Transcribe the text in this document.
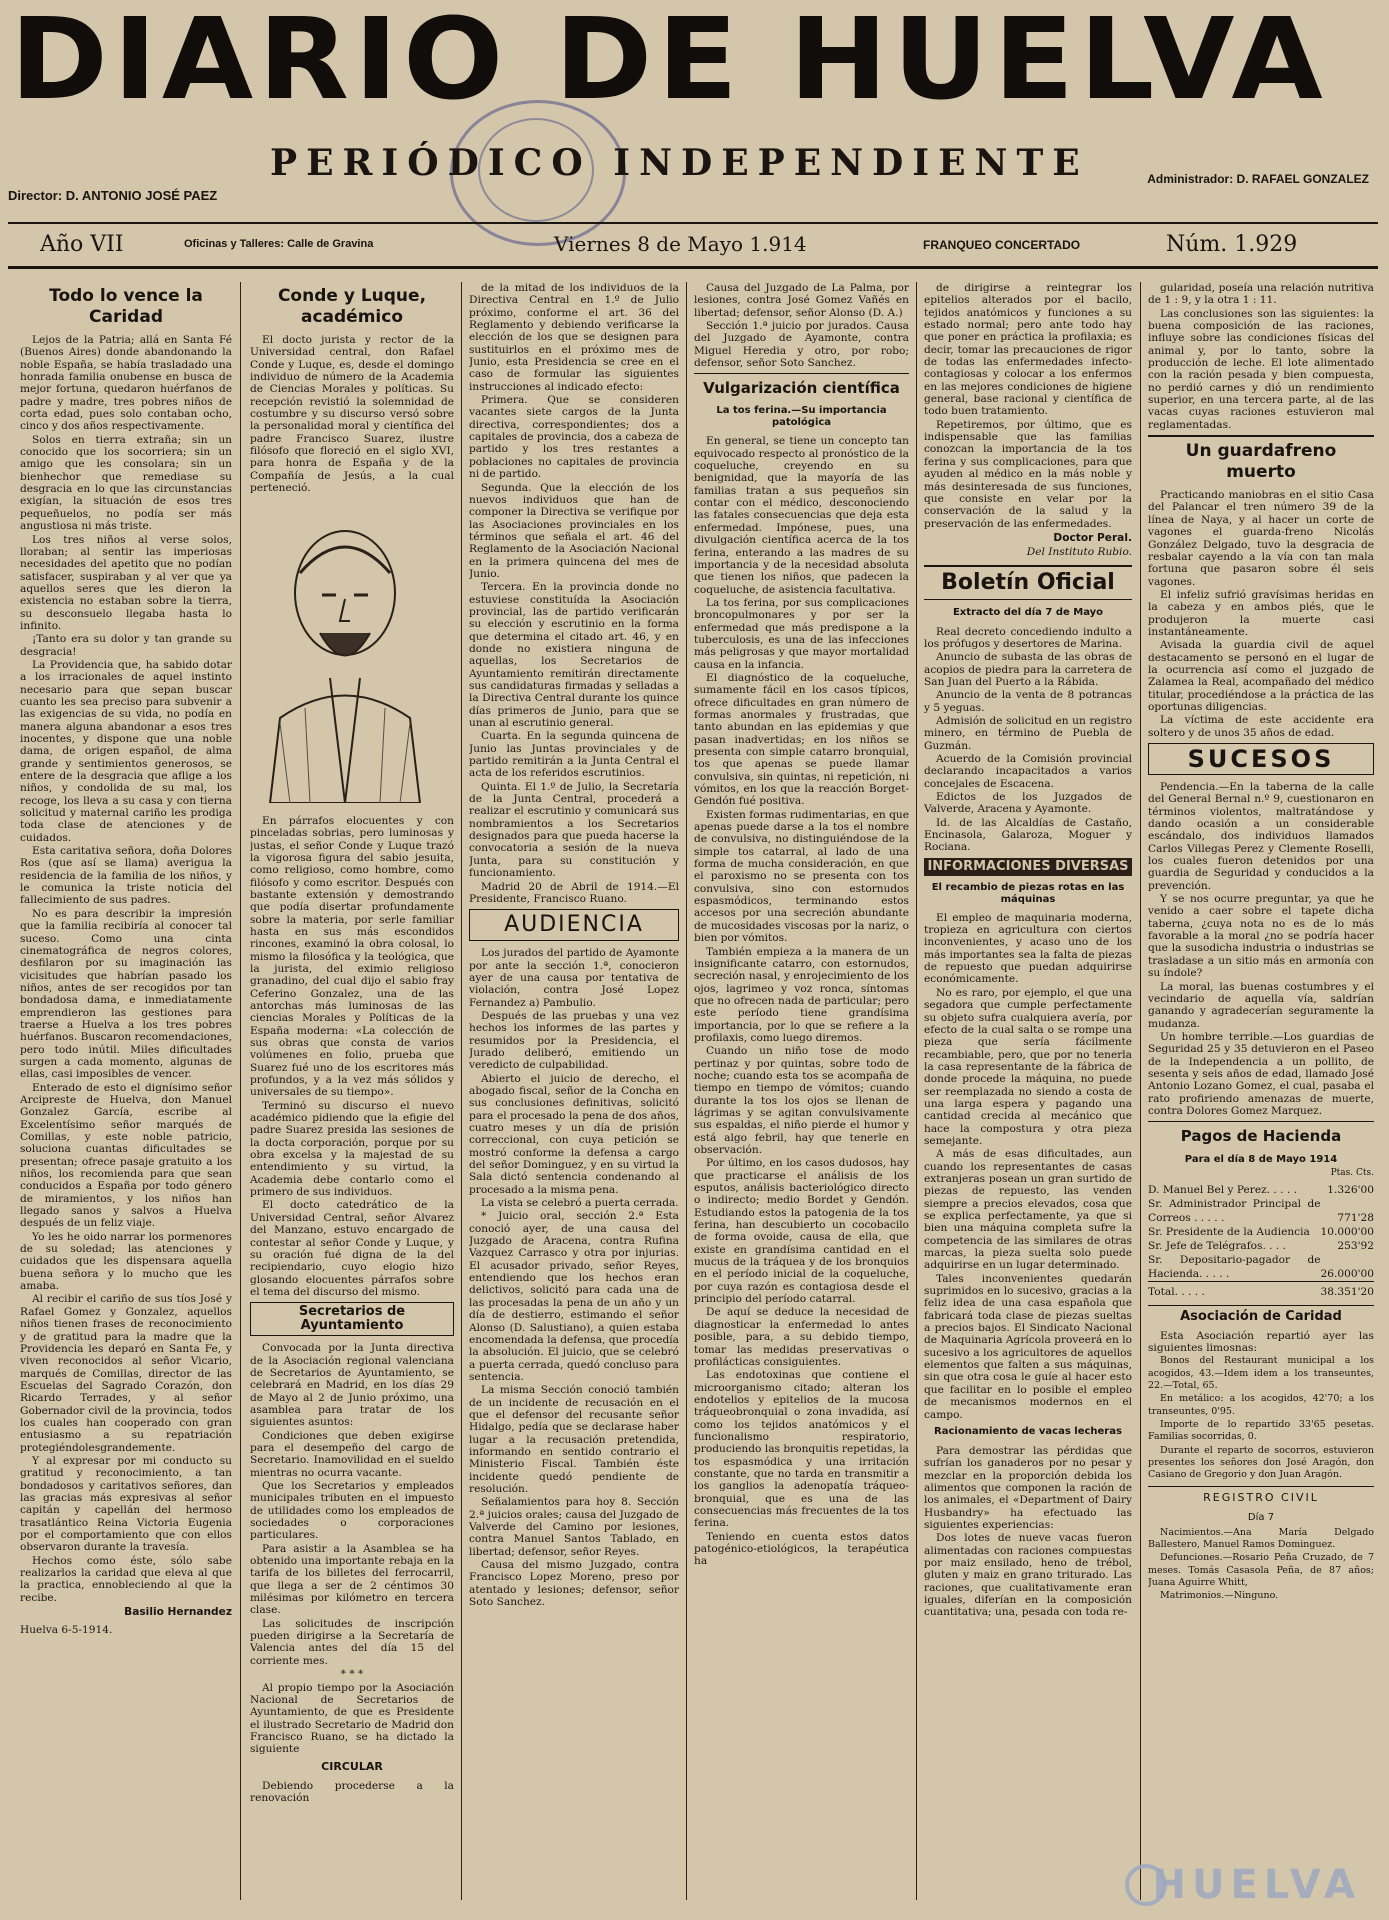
DIARIO DE HUELVA
PERIÓDICO INDEPENDIENTE	Administrador: D. RAFAEL GONZALEZ
Director: D. ANTONIO JOSÉ PAEZ
Año VII	Oficinas y Talleres: Calle de Gravina	Viernes 8 de Mayo 1.914	FRANQUEO CONCERTADO	Núm. 1.929
Todo lo vence la Caridad

Lejos de la Patria; allá en Santa Fé (Buenos Aires) donde abandonando la noble España, se había trasladado una honrada familia onubense en busca de mejor fortuna, quedaron huérfanos de padre y madre, tres pobres niños de corta edad, pues solo contaban ocho, cinco y dos años respectivamente.

Solos en tierra extraña; sin un conocido que los socorriera; sin un amigo que les consolara; sin un bienhechor que remediase su desgracia en lo que las circunstancias exigían, la situación de esos tres pequeñuelos, no podía ser más angustiosa ni más triste.

Los tres niños al verse solos, lloraban; al sentir las imperiosas necesidades del apetito que no podían satisfacer, suspiraban y al ver que ya aquellos seres que les dieron la existencia no estaban sobre la tierra, su desconsuelo llegaba hasta lo infinito.

¡Tanto era su dolor y tan grande su desgracia!

La Providencia que, ha sabido dotar a los irracionales de aquel instinto necesario para que sepan buscar cuanto les sea preciso para subvenir a las exigencias de su vida, no podía en manera alguna abandonar a esos tres inocentes, y dispone que una noble dama, de origen español, de alma grande y sentimientos generosos, se entere de la desgracia que aflige a los niños, y condolida de su mal, los recoge, los lleva a su casa y con tierna solicitud y maternal cariño les prodiga toda clase de atenciones y de cuidados.

Esta caritativa señora, doña Dolores Ros (que así se llama) averigua la residencia de la familia de los niños, y le comunica la triste noticia del fallecimiento de sus padres.

No es para describir la impresión que la familia recibiría al conocer tal suceso. Como una cinta cinematográfica de negros colores, desfilaron por su imaginación las vicisitudes que habrían pasado los niños, antes de ser recogidos por tan bondadosa dama, e inmediatamente emprendieron las gestiones para traerse a Huelva a los tres pobres huérfanos. Buscaron recomendaciones, pero todo inútil. Miles dificultades surgen a cada momento, algunas de ellas, casi imposibles de vencer.

Enterado de esto el dignísimo señor Arcipreste de Huelva, don Manuel Gonzalez García, escribe al Excelentísimo señor marqués de Comillas, y este noble patricio, soluciona cuantas dificultades se presentan; ofrece pasaje gratuito a los niños, los recomienda para que sean conducidos a España por todo género de miramientos, y los niños han llegado sanos y salvos a Huelva después de un feliz viaje.

Yo les he oido narrar los pormenores de su soledad; las atenciones y cuidados que les dispensara aquella buena señora y lo mucho que les amaba.

Al recibir el cariño de sus tíos José y Rafael Gomez y Gonzalez, aquellos niños tienen frases de reconocimiento y de gratitud para la madre que la Providencia les deparó en Santa Fe, y viven reconocidos al señor Vicario, marqués de Comillas, director de las Escuelas del Sagrado Corazón, don Ricardo Terrades, y al señor Gobernador civil de la provincia, todos los cuales han cooperado con gran entusiasmo a su repatriación protegiéndolesgrandemente.

Y al expresar por mi conducto su gratitud y reconocimiento, a tan bondadosos y caritativos señores, dan las gracias más expresivas al señor capitán y capellán del hermoso trasatlántico Reina Victoria Eugenia por el comportamiento que con ellos observaron durante la travesía.

Hechos como éste, sólo sabe realizarlos la caridad que eleva al que la practica, ennobleciendo al que la recibe.

Basilio Hernandez
Huelva 6-5-1914.
Conde y Luque, académico

El docto jurista y rector de la Universidad central, don Rafael Conde y Luque, es, desde el domingo individuo de número de la Academia de Ciencias Morales y políticas. Su recepción revistió la solemnidad de costumbre y su discurso versó sobre la personalidad moral y científica del padre Francisco Suarez, ilustre filósofo que floreció en el siglo XVI, para honra de España y de la Compañía de Jesús, a la cual perteneció.

En párrafos elocuentes y con pinceladas sobrias, pero luminosas y justas, el señor Conde y Luque trazó la vigorosa figura del sabio jesuita, como religioso, como hombre, como filósofo y como escritor. Después con bastante extensión y demostrando que podía disertar profundamente sobre la materia, por serle familiar hasta en sus más escondidos rincones, examinó la obra colosal, lo mismo la filosófica y la teológica, que la jurista, del eximio religioso granadino, del cual dijo el sabio fray Ceferino Gonzalez, una de las antorchas más luminosas de las ciencias Morales y Políticas de la España moderna: «La colección de sus obras que consta de varios volúmenes en folio, prueba que Suarez fué uno de los escritores más profundos, y a la vez más sólidos y universales de su tiempo».

Terminó su discurso el nuevo académico pidiendo que la efigie del padre Suarez presida las sesiones de la docta corporación, porque por su obra excelsa y la majestad de su entendimiento y su virtud, la Academia debe contarlo como el primero de sus individuos.

El docto catedrático de la Universidad Central, señor Alvarez del Manzano, estuvo encargado de contestar al señor Conde y Luque, y su oración fué digna de la del recipiendario, cuyo elogio hizo glosando elocuentes párrafos sobre el tema del discurso del mismo.

Secretarios de Ayuntamiento

Convocada por la Junta directiva de la Asociación regional valenciana de Secretarios de Ayuntamiento, se celebrará en Madrid, en los días 29 de Mayo al 2 de Junio próximo, una asamblea para tratar de los siguientes asuntos:

Condiciones que deben exigirse para el desempeño del cargo de Secretario. Inamovilidad en el sueldo mientras no ocurra vacante.

Que los Secretarios y empleados municipales tributen en el impuesto de utilidades como los empleados de sociedades o corporaciones particulares.

Para asistir a la Asamblea se ha obtenido una importante rebaja en la tarifa de los billetes del ferrocarril, que llega a ser de 2 céntimos 30 milésimas por kilómetro en tercera clase.

Las solicitudes de inscripción pueden dirigirse a la Secretaría de Valencia antes del día 15 del corriente mes.

* * *

Al propio tiempo por la Asociación Nacional de Secretarios de Ayuntamiento, de que es Presidente el ilustrado Secretario de Madrid don Francisco Ruano, se ha dictado la siguiente

CIRCULAR

Debiendo procederse a la renovación

de la mitad de los individuos de la Directiva Central en 1.º de Julio próximo, conforme el art. 36 del Reglamento y debiendo verificarse la elección de los que se designen para sustituirlos en el próximo mes de Junio, esta Presidencia se cree en el caso de formular las siguientes instrucciones al indicado efecto:

Primera. Que se consideren vacantes siete cargos de la Junta directiva, correspondientes; dos a capitales de provincia, dos a cabeza de partido y los tres restantes a poblaciones no capitales de provincia ni de partido.

Segunda. Que la elección de los nuevos individuos que han de componer la Directiva se verifique por las Asociaciones provinciales en los términos que señala el art. 46 del Reglamento de la Asociación Nacional en la primera quincena del mes de Junio.

Tercera. En la provincia donde no estuviese constituída la Asociación provincial, las de partido verificarán su elección y escrutinio en la forma que determina el citado art. 46, y en donde no existiera ninguna de aquellas, los Secretarios de Ayuntamiento remitirán directamente sus candidaturas firmadas y selladas a la Directiva Central durante los quince días primeros de Junio, para que se unan al escrutinio general.

Cuarta. En la segunda quincena de Junio las Juntas provinciales y de partido remitirán a la Junta Central el acta de los referidos escrutinios.

Quinta. El 1.º de Julio, la Secretaría de la Junta Central, procederá a realizar el escrutinio y comunicará sus nombramientos a los Secretarios designados para que pueda hacerse la convocatoria a sesión de la nueva Junta, para su constitución y funcionamiento.

Madrid 20 de Abril de 1914.—El Presidente, Francisco Ruano.

AUDIENCIA

Los jurados del partido de Ayamonte por ante la sección 1.ª, conocieron ayer de una causa por tentativa de violación, contra José Lopez Fernandez a) Pambulio.

Después de las pruebas y una vez hechos los informes de las partes y resumidos por la Presidencia, el Jurado deliberó, emitiendo un veredicto de culpabilidad.

Abierto el juicio de derecho, el abogado fiscal, señor de la Concha en sus conclusiones definitivas, solicitó para el procesado la pena de dos años, cuatro meses y un día de prisión correccional, con cuya petición se mostró conforme la defensa a cargo del señor Dominguez, y en su virtud la Sala dictó sentencia condenando al procesado a la misma pena.

La vista se celebró a puerta cerrada.

* Juicio oral, sección 2.ª Esta conoció ayer, de una causa del Juzgado de Aracena, contra Rufina Vazquez Carrasco y otra por injurias. El acusador privado, señor Reyes, entendiendo que los hechos eran delictivos, solicitó para cada una de las procesadas la pena de un año y un día de destierro, estimando el señor Alonso (D. Salustiano), a quien estaba encomendada la defensa, que procedía la absolución. El juicio, que se celebró a puerta cerrada, quedó concluso para sentencia.

La misma Sección conoció también de un incidente de recusación en el que el defensor del recusante señor Hidalgo, pedía que se declarase haber lugar a la recusación pretendida, informando en sentido contrario el Ministerio Fiscal. También éste incidente quedó pendiente de resolución.

Señalamientos para hoy 8. Sección 2.ª juicios orales; causa del Juzgado de Valverde del Camino por lesiones, contra Manuel Santos Tablado, en libertad; defensor, señor Reyes.

Causa del mismo Juzgado, contra Francisco Lopez Moreno, preso por atentado y lesiones; defensor, señor Soto Sanchez.

Causa del Juzgado de La Palma, por lesiones, contra José Gomez Vañés en libertad; defensor, señor Alonso (D. A.)

Sección 1.ª juicio por jurados. Causa del Juzgado de Ayamonte, contra Miguel Heredia y otro, por robo; defensor, señor Soto Sanchez.

Vulgarización científica
La tos ferina.—Su importancia patológica

En general, se tiene un concepto tan equivocado respecto al pronóstico de la coqueluche, creyendo en su benignidad, que la mayoría de las familias tratan a sus pequeños sin contar con el médico, desconociendo las fatales consecuencias que deja esta enfermedad. Impónese, pues, una divulgación científica acerca de la tos ferina, enterando a las madres de su importancia y de la necesidad absoluta que tienen los niños, que padecen la coqueluche, de asistencia facultativa.

La tos ferina, por sus complicaciones broncopulmonares y por ser la enfermedad que más predispone a la tuberculosis, es una de las infecciones más peligrosas y que mayor mortalidad causa en la infancia.

El diagnóstico de la coqueluche, sumamente fácil en los casos típicos, ofrece dificultades en gran número de formas anormales y frustradas, que tanto abundan en las epidemias y que pasan inadvertidas; en los niños se presenta con simple catarro bronquial, tos que apenas se puede llamar convulsiva, sin quintas, ni repetición, ni vómitos, en los que la reacción Borget-Gendón fué positiva.

Existen formas rudimentarias, en que apenas puede darse a la tos el nombre de convulsiva, no distinguiéndose de la simple tos catarral, al lado de una forma de mucha consideración, en que el paroxismo no se presenta con tos convulsiva, sino con estornudos espasmódicos, terminando estos accesos por una secreción abundante de mucosidades viscosas por la nariz, o bien por vómitos.

También empieza a la manera de un insignificante catarro, con estornudos, secreción nasal, y enrojecimiento de los ojos, lagrimeo y voz ronca, síntomas que no ofrecen nada de particular; pero este período tiene grandísima importancia, por lo que se refiere a la profilaxis, como luego diremos.

Cuando un niño tose de modo pertinaz y por quintas, sobre todo de noche; cuando esta tos se acompaña de tiempo en tiempo de vómitos; cuando durante la tos los ojos se llenan de lágrimas y se agitan convulsivamente sus espaldas, el niño pierde el humor y está algo febril, hay que tenerle en observación.

Por último, en los casos dudosos, hay que practicarse el análisis de los esputos, análisis bacteriológico directo o indirecto; medio Bordet y Gendón. Estudiando estos la patogenia de la tos ferina, han descubierto un cocobacilo de forma ovoide, causa de ella, que existe en grandísima cantidad en el mucus de la tráquea y de los bronquios en el período inicial de la coqueluche, por cuya razón es contagiosa desde el principio del período catarral.

De aquí se deduce la necesidad de diagnosticar la enfermedad lo antes posible, para, a su debido tiempo, tomar las medidas preservativas o profilácticas consiguientes.

Las endotoxinas que contiene el microorganismo citado; alteran los endotelios y epitelios de la mucosa tráqueobronquial o zona invadida, así como los tejidos anatómicos y el funcionalismo respiratorio, produciendo las bronquitis repetidas, la tos espasmódica y una irritación constante, que no tarda en transmitir a los ganglios la adenopatía tráqueo-bronquial, que es una de las consecuencias más frecuentes de la tos ferina.

Teniendo en cuenta estos datos patogénico-etiológicos, la terapéutica ha

de dirigirse a reintegrar los epitelios alterados por el bacilo, tejidos anatómicos y funciones a su estado normal; pero ante todo hay que poner en práctica la profilaxia; es decir, tomar las precauciones de rigor de todas las enfermedades infecto-contagiosas y colocar a los enfermos en las mejores condiciones de higiene general, base racional y científica de todo buen tratamiento.

Repetiremos, por último, que es indispensable que las familias conozcan la importancia de la tos ferina y sus complicaciones, para que ayuden al médico en la más noble y más desinteresada de sus funciones, que consiste en velar por la conservación de la salud y la preservación de las enfermedades.

Doctor Peral.
Del Instituto Rubio.
Boletín Oficial
Extracto del día 7 de Mayo

Real decreto concediendo indulto a los prófugos y desertores de Marina.

Anuncio de subasta de las obras de acopios de piedra para la carretera de San Juan del Puerto a la Rábida.

Anuncio de la venta de 8 potrancas y 5 yeguas.

Admisión de solicitud en un registro minero, en término de Puebla de Guzmán.

Acuerdo de la Comisión provincial declarando incapacitados a varios concejales de Escacena.

Edictos de los Juzgados de Valverde, Aracena y Ayamonte.

Id. de las Alcaldías de Castaño, Encinasola, Galaroza, Moguer y Rociana.

INFORMACIONES DIVERSAS
El recambio de piezas rotas en las máquinas

El empleo de maquinaria moderna, tropieza en agricultura con ciertos inconvenientes, y acaso uno de los más importantes sea la falta de piezas de repuesto que puedan adquirirse económicamente.

No es raro, por ejemplo, el que una segadora que cumple perfectamente su objeto sufra cualquiera avería, por efecto de la cual salta o se rompe una pieza que sería fácilmente recambiable, pero, que por no tenerla la casa representante de la fábrica de donde procede la máquina, no puede ser reemplazada no siendo a costa de una larga espera y pagando una cantidad crecida al mecánico que hace la compostura y otra pieza semejante.

A más de esas dificultades, aun cuando los representantes de casas extranjeras posean un gran surtido de piezas de repuesto, las venden siempre a precios elevados, cosa que se explica perfectamente, ya que si bien una máquina completa sufre la competencia de las similares de otras marcas, la pieza suelta solo puede adquirirse en un lugar determinado.

Tales inconvenientes quedarán suprimidos en lo sucesivo, gracias a la feliz idea de una casa española que fabricará toda clase de piezas sueltas a precios bajos. El Sindicato Nacional de Maquinaria Agrícola proveerá en lo sucesivo a los agricultores de aquellos elementos que falten a sus máquinas, sin que otra cosa le guíe al hacer esto que facilitar en lo posible el empleo de mecanismos modernos en el campo.

Racionamiento de vacas lecheras

Para demostrar las pérdidas que sufrían los ganaderos por no pesar y mezclar en la proporción debida los alimentos que componen la ración de los animales, el «Department of Dairy Husbandry» ha efectuado las siguientes experiencias:

Dos lotes de nueve vacas fueron alimentadas con raciones compuestas por maiz ensilado, heno de trébol, gluten y maiz en grano triturado. Las raciones, que cualitativamente eran iguales, diferían en la composición cuantitativa; una, pesada con toda re-

gularidad, poseía una relación nutritiva de 1 : 9, y la otra 1 : 11.

Las conclusiones son las siguientes: la buena composición de las raciones, influye sobre las condiciones físicas del animal y, por lo tanto, sobre la producción de leche. El lote alimentado con la ración pesada y bien compuesta, no perdió carnes y dió un rendimiento superior, en una tercera parte, al de las vacas cuyas raciones estuvieron mal reglamentadas.

Un guardafreno muerto

Practicando maniobras en el sitio Casa del Palancar el tren número 39 de la línea de Naya, y al hacer un corte de vagones el guarda-freno Nicolás González Delgado, tuvo la desgracia de resbalar cayendo a la vía con tan mala fortuna que pasaron sobre él seis vagones.

El infeliz sufrió gravísimas heridas en la cabeza y en ambos piés, que le produjeron la muerte casi instantáneamente.

Avisada la guardia civil de aquel destacamento se personó en el lugar de la ocurrencia así como el juzgado de Zalamea la Real, acompañado del médico titular, procediéndose a la práctica de las oportunas diligencias.

La víctima de este accidente era soltero y de unos 35 años de edad.

SUCESOS

Pendencia.—En la taberna de la calle del General Bernal n.º 9, cuestionaron en términos violentos, maltratándose y dando ocasión a un considerable escándalo, dos individuos llamados Carlos Villegas Perez y Clemente Roselli, los cuales fueron detenidos por una guardia de Seguridad y conducidos a la prevención.

Y se nos ocurre preguntar, ya que he venido a caer sobre el tapete dicha taberna, ¿cuya nota no es de lo más favorable a la moral ¿no se podría hacer que la susodicha industria o industrias se trasladase a un sitio más en armonía con su índole?

La moral, las buenas costumbres y el vecindario de aquella vía, saldrían ganando y agradecerían seguramente la mudanza.

Un hombre terrible.—Los guardias de Seguridad 25 y 35 detuvieron en el Paseo de la Independencia a un pollito, de sesenta y seis años de edad, llamado José Antonio Lozano Gomez, el cual, pasaba el rato profiriendo amenazas de muerte, contra Dolores Gomez Marquez.

Pagos de Hacienda
Para el día 8 de Mayo 1914
Ptas. Cts.
D. Manuel Bel y Perez. . . . .	1.326'00
Sr. Administrador Principal de Correos . . . . .	771'28
Sr. Presidente de la Audiencia	10.000'00
Sr. Jefe de Telégrafos. . . .	253'92
Sr. Depositario-pagador de Hacienda. . . . .	26.000'00
Total. . . . .	38.351'20
Asociación de Caridad

Esta Asociación repartió ayer las siguientes limosnas:

Bonos del Restaurant municipal a los acogidos, 43.—Idem idem a los transeuntes, 22.—Total, 65.

En metálico: a los acogidos, 42'70; a los transeuntes, 0'95.

Importe de lo repartido 33'65 pesetas. Familias socorridas, 0.

Durante el reparto de socorros, estuvieron presentes los señores don José Aragón, don Casiano de Gregorio y don Juan Aragón.

REGISTRO CIVIL
Día 7

Nacimientos.—Ana María Delgado Ballestero, Manuel Ramos Dominguez.

Defunciones.—Rosario Peña Cruzado, de 7 meses. Tomás Casasola Peña, de 87 años; Juana Aguirre Whitt,

Matrimonios.—Ninguno.

HUELVA
